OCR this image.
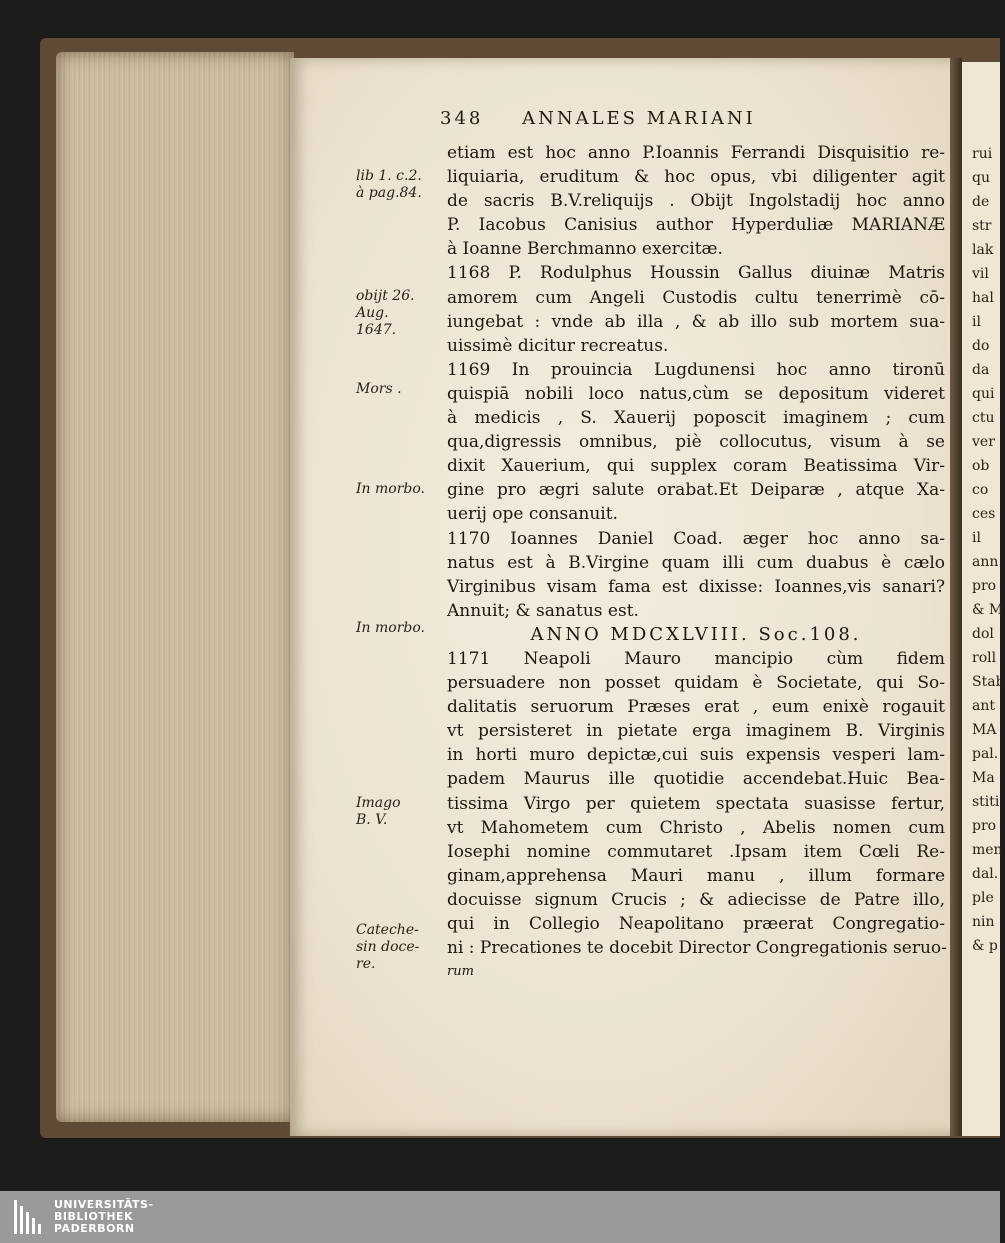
rui
qu
de
str
lak
vil
hal
il
do
da
qui
ctu
ver
ob
co
ces
il
ann
pro
& M
dol
roll
Stab
ant
MA
pal.
Ma
stiti
pro
men
dal.
ple
nin
& p
348 ANNALES MARIANI
etiam est hoc anno P.Ioannis Ferrandi Disquisitio re-
liquiaria, eruditum & hoc opus, vbi diligenter agit
de sacris B.V.reliquijs . Obijt Ingolstadij hoc anno
P. Iacobus Canisius author Hyperduliæ MARIANÆ
à Ioanne Berchmanno exercitæ.
1168 P. Rodulphus Houssin Gallus diuinæ Matris
amorem cum Angeli Custodis cultu tenerrimè cō-
iungebat : vnde ab illa , & ab illo sub mortem sua-
uissimè dicitur recreatus.
1169 In prouincia Lugdunensi hoc anno tironū
quispiā nobili loco natus,cùm se depositum videret
à medicis , S. Xauerij poposcit imaginem ; cum
qua,digressis omnibus, piè collocutus, visum à se
dixit Xauerium, qui supplex coram Beatissima Vir-
gine pro ægri salute orabat.Et Deiparæ , atque Xa-
uerij ope consanuit.
1170 Ioannes Daniel Coad. æger hoc anno sa-
natus est à B.Virgine quam illi cum duabus è cælo
Virginibus visam fama est dixisse: Ioannes,vis sanari?
Annuit; & sanatus est.
ANNO MDCXLVIII. Soc.108.
1171 Neapoli Mauro mancipio cùm fidem
persuadere non posset quidam è Societate, qui So-
dalitatis seruorum Præses erat , eum enixè rogauit
vt persisteret in pietate erga imaginem B. Virginis
in horti muro depictæ,cui suis expensis vesperi lam-
padem Maurus ille quotidie accendebat.Huic Bea-
tissima Virgo per quietem spectata suasisse fertur,
vt Mahometem cum Christo , Abelis nomen cum
Iosephi nomine commutaret .Ipsam item Cœli Re-
ginam,apprehensa Mauri manu , illum formare
docuisse signum Crucis ; & adiecisse de Patre illo,
qui in Collegio Neapolitano præerat Congregatio-
ni : Precationes te docebit Director Congregationis seruo-
rum
lib 1. c.2.
à pag.84.
obijt 26.
Aug.
1647.
Mors .
In morbo.
In morbo.
Imago
B. V.
Cateche-
sin doce-
re.
UNIVERSITÄTS-
BIBLIOTHEK
PADERBORN
